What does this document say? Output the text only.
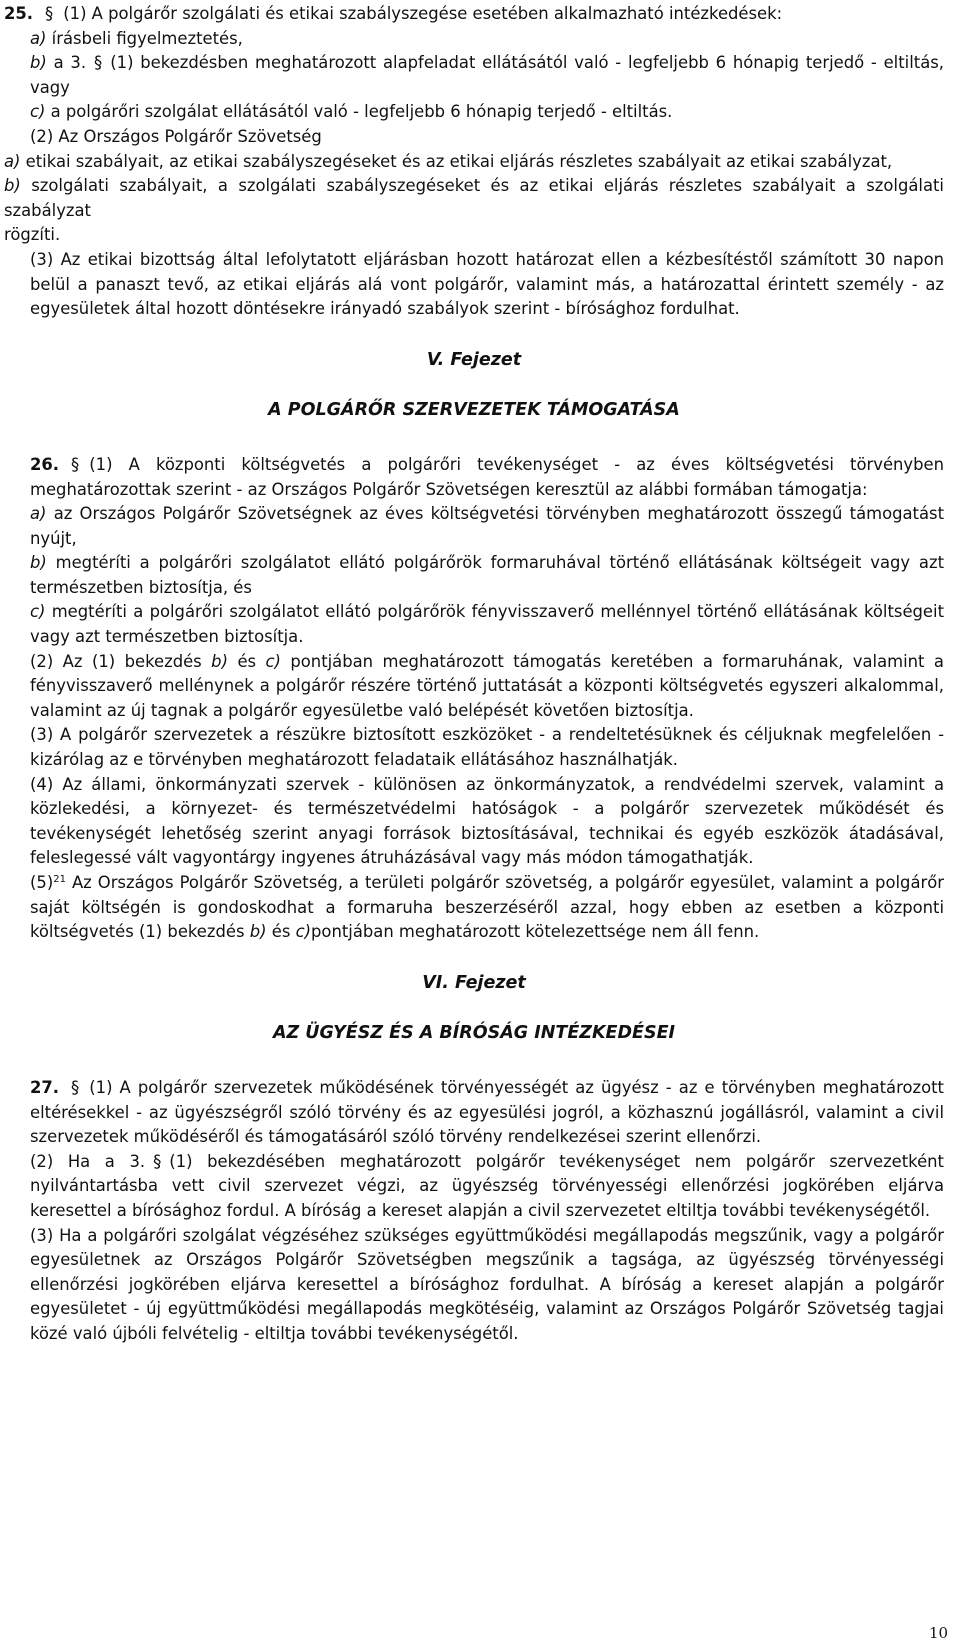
25. § (1) A polgárőr szolgálati és etikai szabályszegése esetében alkalmazható intézkedések:

a) írásbeli figyelmeztetés,

b) a 3. § (1) bekezdésben meghatározott alapfeladat ellátásától való - legfeljebb 6 hónapig terjedő - eltiltás, vagy

c) a polgárőri szolgálat ellátásától való - legfeljebb 6 hónapig terjedő - eltiltás.

(2) Az Országos Polgárőr Szövetség

a) etikai szabályait, az etikai szabályszegéseket és az etikai eljárás részletes szabályait az etikai szabályzat,

b) szolgálati szabályait, a szolgálati szabályszegéseket és az etikai eljárás részletes szabályait a szolgálati szabályzat

rögzíti.

(3) Az etikai bizottság által lefolytatott eljárásban hozott határozat ellen a kézbesítéstől számított 30 napon belül a panaszt tevő, az etikai eljárás alá vont polgárőr, valamint más, a határozattal érintett személy - az egyesületek által hozott döntésekre irányadó szabályok szerint - bírósághoz fordulhat.

V. Fejezet

A POLGÁRŐR SZERVEZETEK TÁMOGATÁSA

26. § (1) A központi költségvetés a polgárőri tevékenységet - az éves költségvetési törvényben meghatározottak szerint - az Országos Polgárőr Szövetségen keresztül az alábbi formában támogatja:

a) az Országos Polgárőr Szövetségnek az éves költségvetési törvényben meghatározott összegű támogatást nyújt,

b) megtéríti a polgárőri szolgálatot ellátó polgárőrök formaruhával történő ellátásának költségeit vagy azt természetben biztosítja, és

c) megtéríti a polgárőri szolgálatot ellátó polgárőrök fényvisszaverő mellénnyel történő ellátásának költségeit vagy azt természetben biztosítja.

(2) Az (1) bekezdés b) és c) pontjában meghatározott támogatás keretében a formaruhának, valamint a fényvisszaverő mellénynek a polgárőr részére történő juttatását a központi költségvetés egyszeri alkalommal, valamint az új tagnak a polgárőr egyesületbe való belépését követően biztosítja.

(3) A polgárőr szervezetek a részükre biztosított eszközöket - a rendeltetésüknek és céljuknak megfelelően - kizárólag az e törvényben meghatározott feladataik ellátásához használhatják.

(4) Az állami, önkormányzati szervek - különösen az önkormányzatok, a rendvédelmi szervek, valamint a közlekedési, a környezet- és természetvédelmi hatóságok - a polgárőr szervezetek működését és tevékenységét lehetőség szerint anyagi források biztosításával, technikai és egyéb eszközök átadásával, feleslegessé vált vagyontárgy ingyenes átruházásával vagy más módon támogathatják.

$(5)^{21}$ Az Országos Polgárőr Szövetség, a területi polgárőr szövetség, a polgárőr egyesület, valamint a polgárőr saját költségén is gondoskodhat a formaruha beszerzéséről azzal, hogy ebben az esetben a központi költségvetés (1) bekezdés b) és c)pontjában meghatározott kötelezettsége nem áll fenn.

VI. Fejezet

AZ ÜGYÉSZ ÉS A BÍRÓSÁG INTÉZKEDÉSEI

27. § (1) A polgárőr szervezetek működésének törvényességét az ügyész - az e törvényben meghatározott eltérésekkel - az ügyészségről szóló törvény és az egyesülési jogról, a közhasznú jogállásról, valamint a civil szervezetek működéséről és támogatásáról szóló törvény rendelkezései szerint ellenőrzi.

(2) Ha a 3. § (1) bekezdésében meghatározott polgárőr tevékenységet nem polgárőr szervezetként nyilvántartásba vett civil szervezet végzi, az ügyészség törvényességi ellenőrzési jogkörében eljárva keresettel a bírósághoz fordul. A bíróság a kereset alapján a civil szervezetet eltiltja további tevékenységétől.

(3) Ha a polgárőri szolgálat végzéséhez szükséges együttműködési megállapodás megszűnik, vagy a polgárőr egyesületnek az Országos Polgárőr Szövetségben megszűnik a tagsága, az ügyészség törvényességi ellenőrzési jogkörében eljárva keresettel a bírósághoz fordulhat. A bíróság a kereset alapján a polgárőr egyesületet - új együttműködési megállapodás megkötéséig, valamint az Országos Polgárőr Szövetség tagjai közé való újbóli felvételig - eltiltja további tevékenységétől.

10
